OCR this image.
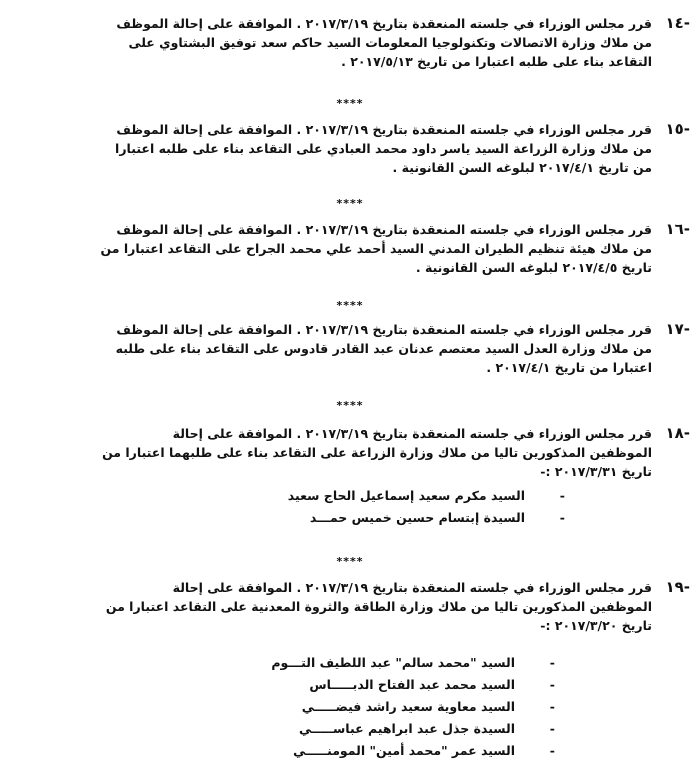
-١٤

قرر مجلس الوزراء في جلسته المنعقدة بتاريخ ٢٠١٧/٣/١٩ . الموافقة على إحالة الموظف
من ملاك وزارة الاتصالات وتكنولوجيا المعلومات السيد حاكم سعد توفيق البشتاوي على
التقاعد بناء على طلبه اعتبارا من تاريخ ٢٠١٧/٥/١٣ .

****
-١٥

قرر مجلس الوزراء في جلسته المنعقدة بتاريخ ٢٠١٧/٣/١٩ . الموافقة على إحالة الموظف
من ملاك وزارة الزراعة السيد ياسر داود محمد العبادي على التقاعد بناء على طلبه اعتبارا
من تاريخ ٢٠١٧/٤/١ لبلوغه السن القانونية .

****
-١٦

قرر مجلس الوزراء في جلسته المنعقدة بتاريخ ٢٠١٧/٣/١٩ . الموافقة على إحالة الموظف
من ملاك هيئة تنظيم الطيران المدني السيد أحمد علي محمد الجراح على التقاعد اعتبارا من
تاريخ ٢٠١٧/٤/٥ لبلوغه السن القانونية .

****
-١٧

قرر مجلس الوزراء في جلسته المنعقدة بتاريخ ٢٠١٧/٣/١٩ . الموافقة على إحالة الموظف
من ملاك وزارة العدل السيد معتصم عدنان عبد القادر قادوس على التقاعد بناء على طلبه
اعتبارا من تاريخ ٢٠١٧/٤/١ .

****
-١٨

قرر مجلس الوزراء في جلسته المنعقدة بتاريخ ٢٠١٧/٣/١٩ . الموافقة على إحالة
الموظفين المذكورين تاليا من ملاك وزارة الزراعة على التقاعد بناء على طلبهما اعتبارا من
تاريخ ٢٠١٧/٣/٣١ :-

-
السيد مكرم سعيد إسماعيل الحاج سعيد
-
السيدة إبتسام حسين خميس حمـــد
****
-١٩

قرر مجلس الوزراء في جلسته المنعقدة بتاريخ ٢٠١٧/٣/١٩ . الموافقة على إحالة
الموظفين المذكورين تاليا من ملاك وزارة الطاقة والثروة المعدنية على التقاعد اعتبارا من
تاريخ ٢٠١٧/٣/٢٠ :-

-
السيد "محمد سالم" عبد اللطيف التـــوم
-
السيد محمد عبد الفتاح الدبـــــاس
-
السيد معاوية سعيد راشد فيضـــــي
-
السيدة جذل عبد ابراهيم عباســـــي
-
السيد عمر "محمد أمين" المومنـــــي
